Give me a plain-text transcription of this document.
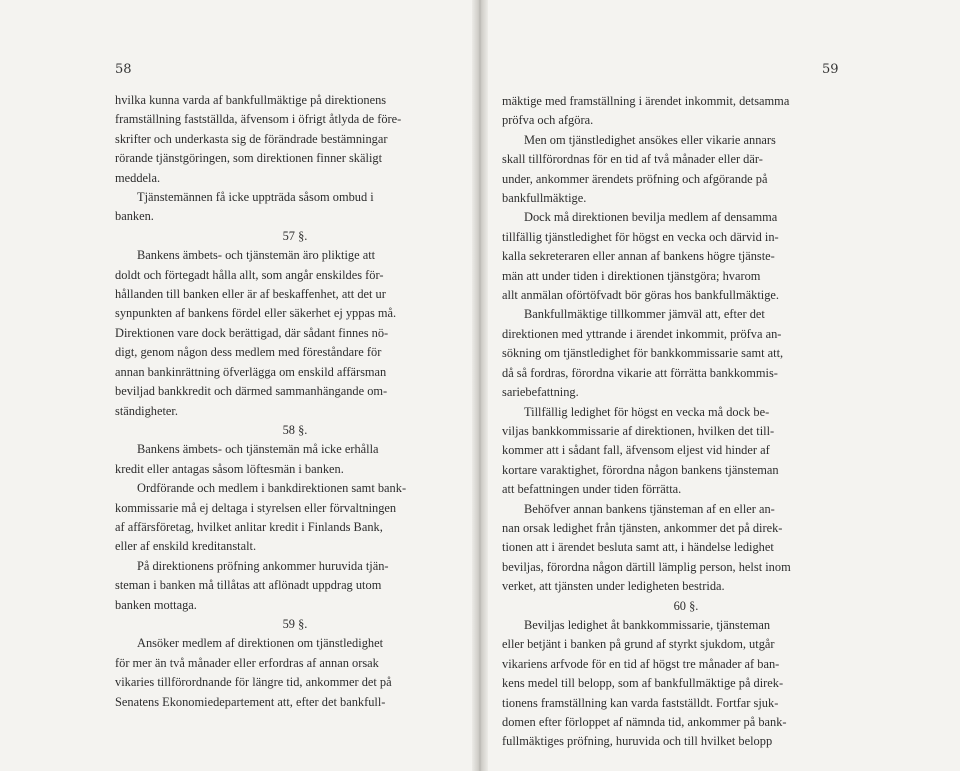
58
hvilka kunna varda af bankfullmäktige på direktionens
framställning fastställda, äfvensom i öfrigt åtlyda de före-
skrifter och underkasta sig de förändrade bestämningar
rörande tjänstgöringen, som direktionen finner skäligt
meddela.
Tjänstemännen få icke uppträda såsom ombud i
banken.
57 §.
Bankens ämbets- och tjänstemän äro pliktige att
doldt och förtegadt hålla allt, som angår enskildes för-
hållanden till banken eller är af beskaffenhet, att det ur
synpunkten af bankens fördel eller säkerhet ej yppas må.
Direktionen vare dock berättigad, där sådant finnes nö-
digt, genom någon dess medlem med föreståndare för
annan bankinrättning öfverlägga om enskild affärsman
beviljad bankkredit och därmed sammanhängande om-
ständigheter.
58 §.
Bankens ämbets- och tjänstemän må icke erhålla
kredit eller antagas såsom löftesmän i banken.
Ordförande och medlem i bankdirektionen samt bank-
kommissarie må ej deltaga i styrelsen eller förvaltningen
af affärsföretag, hvilket anlitar kredit i Finlands Bank,
eller af enskild kreditanstalt.
På direktionens pröfning ankommer huruvida tjän-
steman i banken må tillåtas att aflönadt uppdrag utom
banken mottaga.
59 §.
Ansöker medlem af direktionen om tjänstledighet
för mer än två månader eller erfordras af annan orsak
vikaries tillförordnande för längre tid, ankommer det på
Senatens Ekonomiedepartement att, efter det bankfull-
59
mäktige med framställning i ärendet inkommit, detsamma
pröfva och afgöra.
Men om tjänstledighet ansökes eller vikarie annars
skall tillförordnas för en tid af två månader eller där-
under, ankommer ärendets pröfning och afgörande på
bankfullmäktige.
Dock må direktionen bevilja medlem af densamma
tillfällig tjänstledighet för högst en vecka och därvid in-
kalla sekreteraren eller annan af bankens högre tjänste-
män att under tiden i direktionen tjänstgöra; hvarom
allt anmälan oförtöfvadt bör göras hos bankfullmäktige.
Bankfullmäktige tillkommer jämväl att, efter det
direktionen med yttrande i ärendet inkommit, pröfva an-
sökning om tjänstledighet för bankkommissarie samt att,
då så fordras, förordna vikarie att förrätta bankkommis-
sariebefattning.
Tillfällig ledighet för högst en vecka må dock be-
viljas bankkommissarie af direktionen, hvilken det till-
kommer att i sådant fall, äfvensom eljest vid hinder af
kortare varaktighet, förordna någon bankens tjänsteman
att befattningen under tiden förrätta.
Behöfver annan bankens tjänsteman af en eller an-
nan orsak ledighet från tjänsten, ankommer det på direk-
tionen att i ärendet besluta samt att, i händelse ledighet
beviljas, förordna någon därtill lämplig person, helst inom
verket, att tjänsten under ledigheten bestrida.
60 §.
Beviljas ledighet åt bankkommissarie, tjänsteman
eller betjänt i banken på grund af styrkt sjukdom, utgår
vikariens arfvode för en tid af högst tre månader af ban-
kens medel till belopp, som af bankfullmäktige på direk-
tionens framställning kan varda fastställdt. Fortfar sjuk-
domen efter förloppet af nämnda tid, ankommer på bank-
fullmäktiges pröfning, huruvida och till hvilket belopp
